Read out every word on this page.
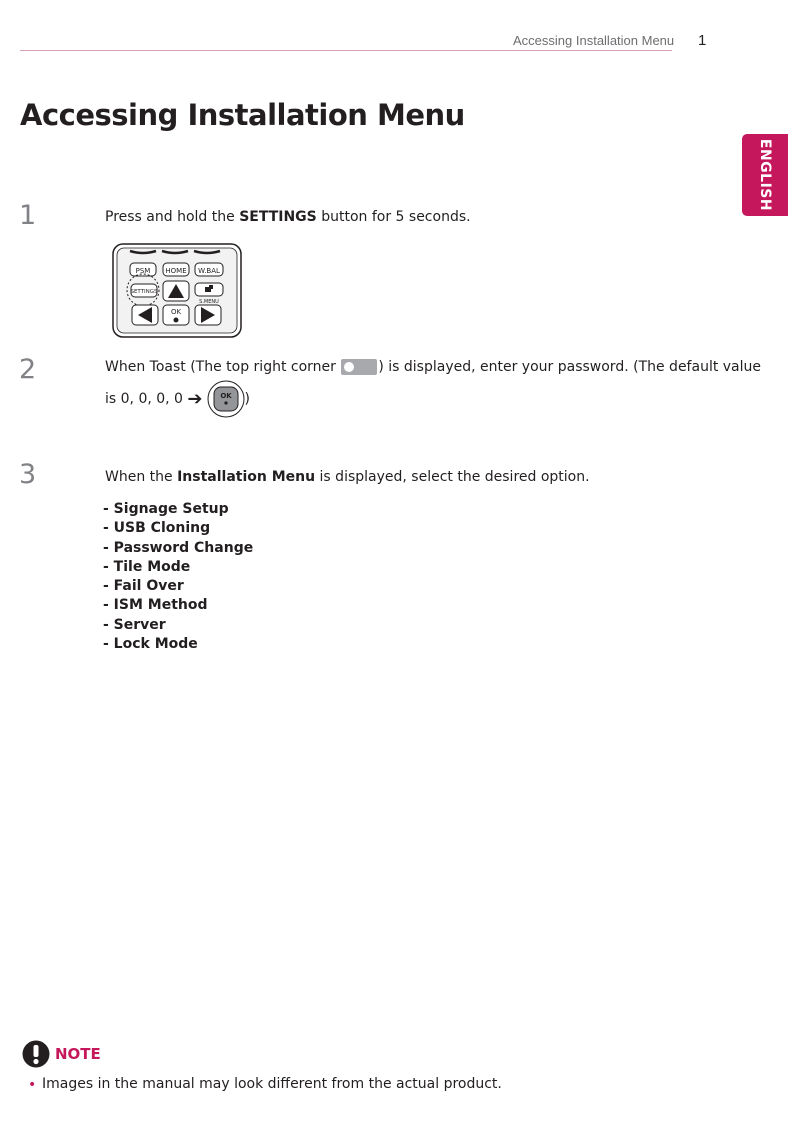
Accessing Installation Menu 1
ENGLISH
Accessing Installation Menu
1	Press and hold the SETTINGS button for 5 seconds.
PSM HOME W.BAL
SETTINGS
S.MENU
OK
2	When Toast (The top right corner	) is displayed, enter your password. (The default value
is 0, 0, 0, 0 ➔ OK )
3	When the Installation Menu is displayed, select the desired option.
- Signage Setup
- USB Cloning
- Password Change
- Tile Mode
- Fail Over
- ISM Method
- Server
- Lock Mode
NOTE
• Images in the manual may look different from the actual product.
